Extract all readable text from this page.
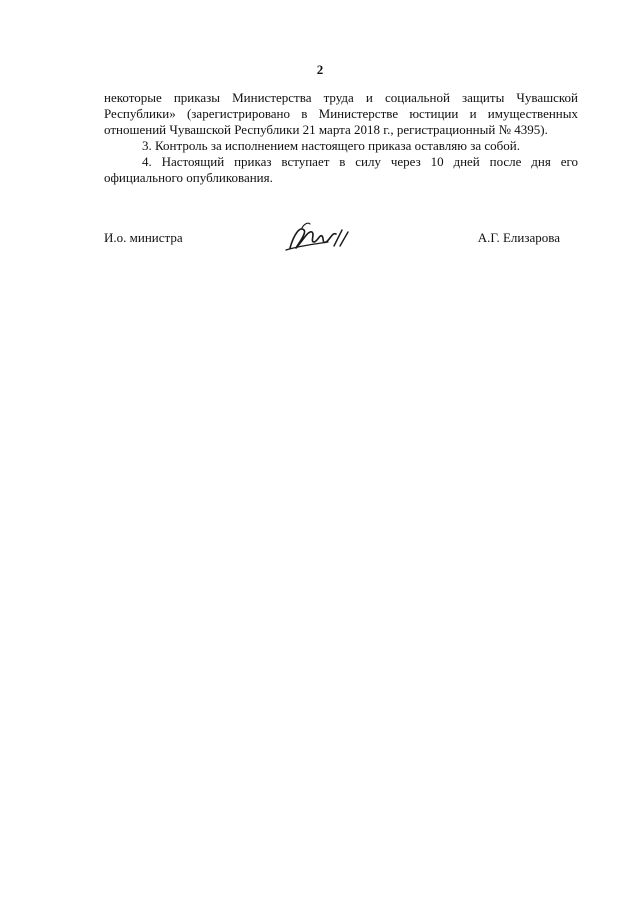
2

некоторые приказы Министерства труда и социальной защиты Чувашской Республики» (зарегистрировано в Министерстве юстиции и имущественных отношений Чувашской Республики 21 марта 2018 г., регистрационный № 4395).

3. Контроль за исполнением настоящего приказа оставляю за собой.

4. Настоящий приказ вступает в силу через 10 дней после дня его официального опубликования.

И.о. министра	А.Г. Елизарова
